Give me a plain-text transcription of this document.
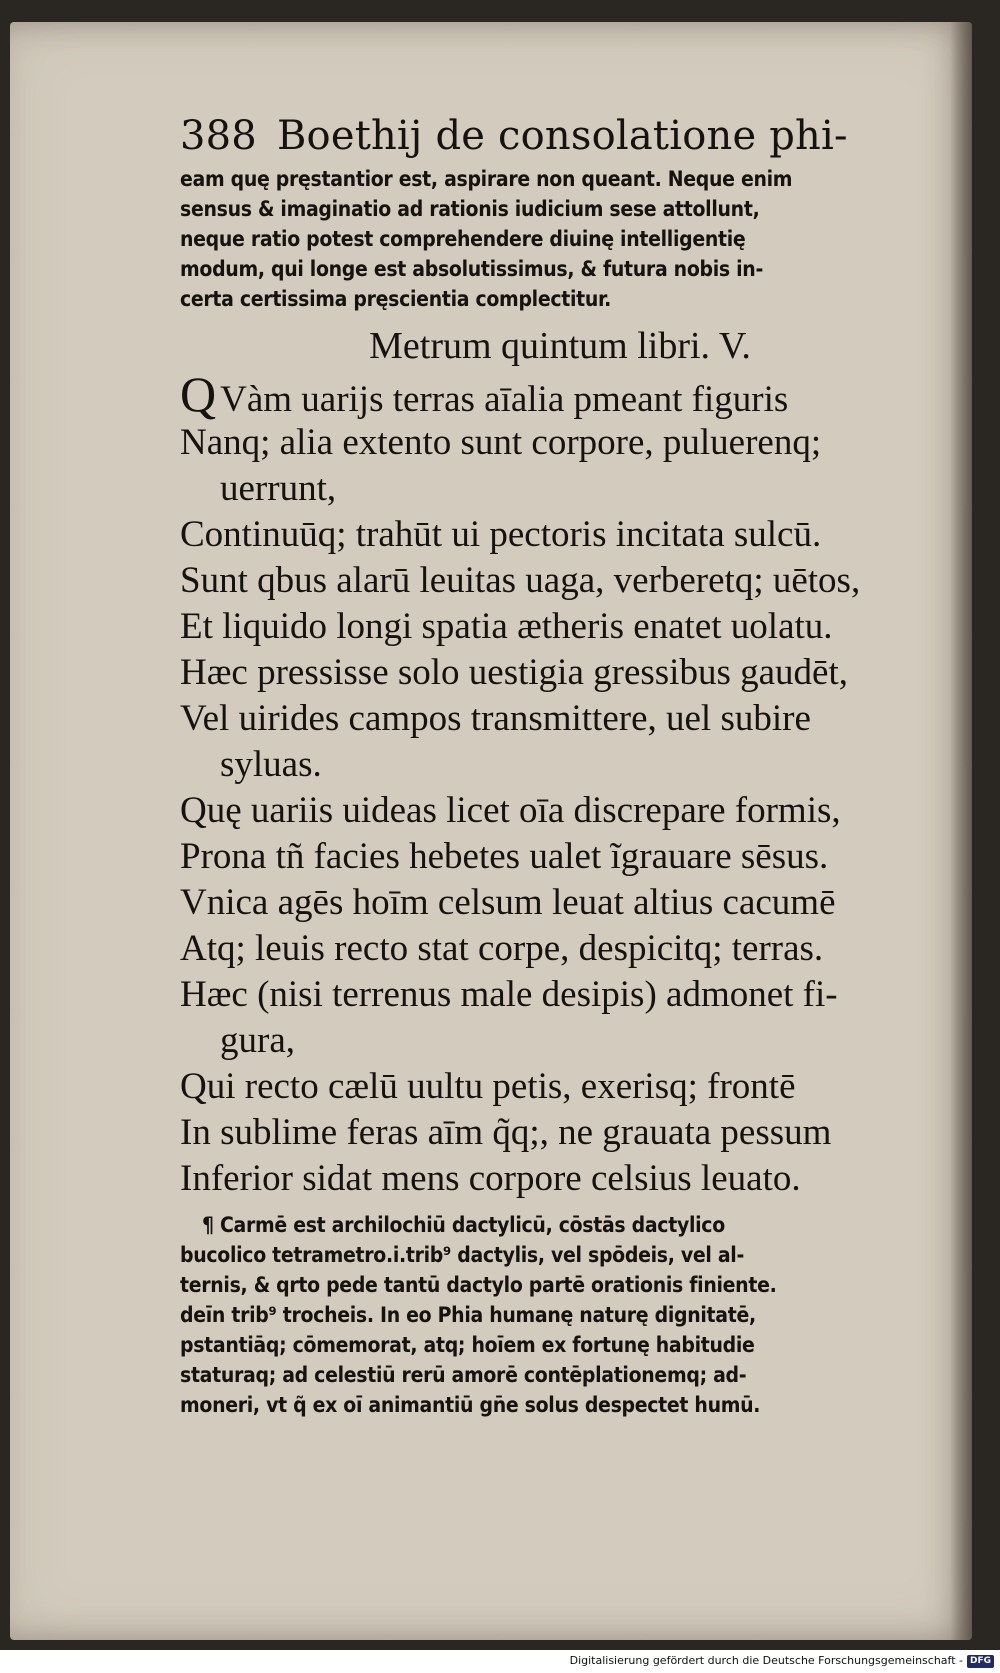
388 Boethij de consolatione phi-
eam quę pręstantior est, aspirare non queant. Neque enim
sensus & imaginatio ad rationis iudicium sese attollunt,
neque ratio potest comprehendere diuinę intelligentię
modum, qui longe est absolutissimus, & futura nobis in-
certa certissima pręscientia complectitur.
Metrum quintum libri. V.
Q Vàm uarijs terras aīalia pmeant figuris
Nanq; alia extento sunt corpore, puluerenq;
uerrunt,
Continuūq; trahūt ui pectoris incitata sulcū.
Sunt qbus alarū leuitas uaga, verberetq; uētos,
Et liquido longi spatia ætheris enatet uolatu.
Hæc pressisse solo uestigia gressibus gaudēt,
Vel uirides campos transmittere, uel subire
syluas.
Quę uariis uideas licet oīa discrepare formis,
Prona tñ facies hebetes ualet ĩgrauare sēsus.
Vnica agēs hoīm celsum leuat altius cacumē
Atq; leuis recto stat corpe, despicitq; terras.
Hæc (nisi terrenus male desipis) admonet fi-
gura,
Qui recto cælū uultu petis, exerisq; frontē
In sublime feras aīm q̃q;, ne grauata pessum
Inferior sidat mens corpore celsius leuato.
¶ Carmē est archilochiū dactylicū, cōstās dactylico
bucolico tetrametro.i.trib⁹ dactylis, vel spōdeis, vel al-
ternis, & qrto pede tantū dactylo partē orationis finiente.
deīn trib⁹ trocheis. In eo Phia humanę naturę dignitatē,
pstantiāq; cōmemorat, atq; hoīem ex fortunę habitudie
staturaq; ad celestiū rerū amorē contēplationemq; ad-
moneri, vt q̃ ex oī animantiū gn̄e solus despectet humū.
Digitalisierung gefördert durch die Deutsche Forschungsgemeinschaft - DFG
